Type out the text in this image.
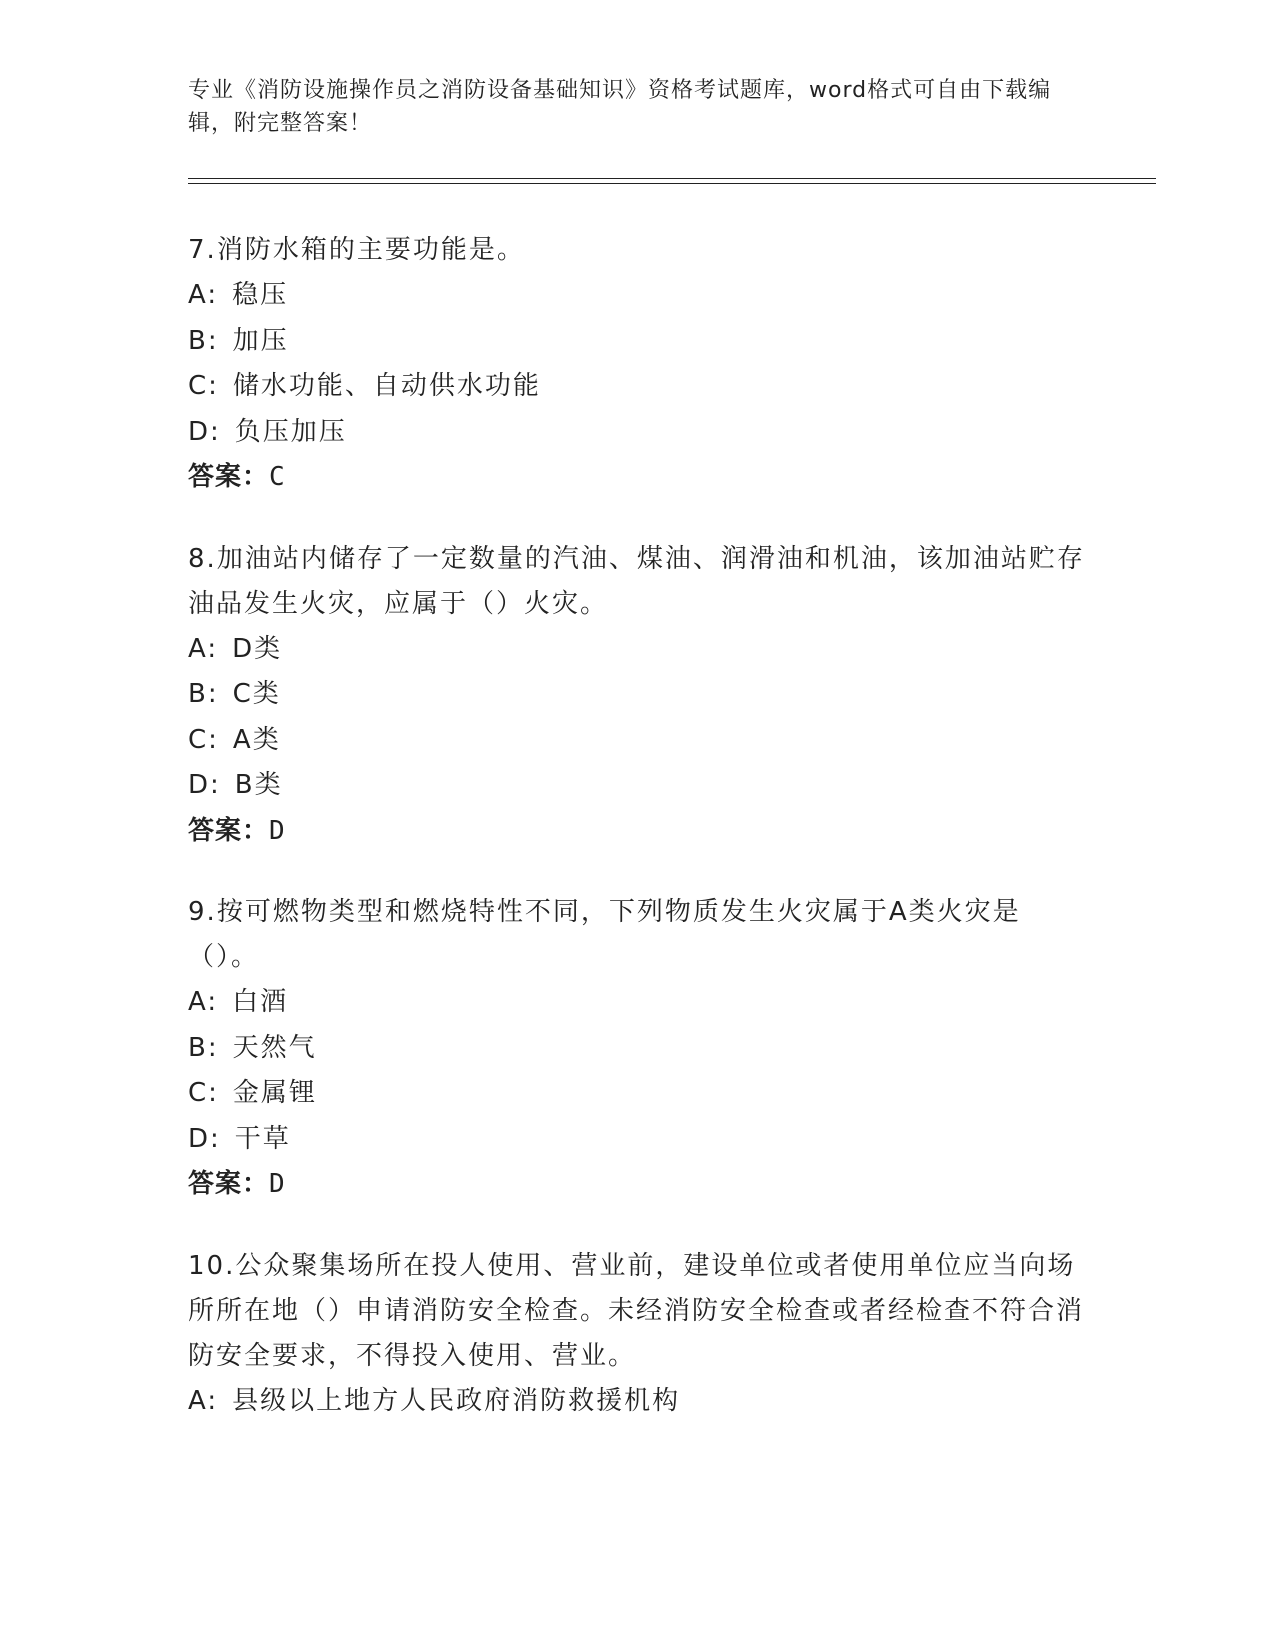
专业《消防设施操作员之消防设备基础知识》资格考试题库，word格式可自由下载编辑，附完整答案！
7.消防水箱的主要功能是。
A: 稳压
B: 加压
C: 储水功能、自动供水功能
D: 负压加压
答案：C
8.加油站内储存了一定数量的汽油、煤油、润滑油和机油，该加油站贮存油品发生火灾，应属于（）火灾。
A: D类
B: C类
C: A类
D: B类
答案：D
9.按可燃物类型和燃烧特性不同，下列物质发生火灾属于A类火灾是（）。
A: 白酒
B: 天然气
C: 金属锂
D: 干草
答案：D
10.公众聚集场所在投人使用、营业前，建设单位或者使用单位应当向场所所在地（）申请消防安全检查。未经消防安全检查或者经检查不符合消防安全要求，不得投入使用、营业。
A: 县级以上地方人民政府消防救援机构
